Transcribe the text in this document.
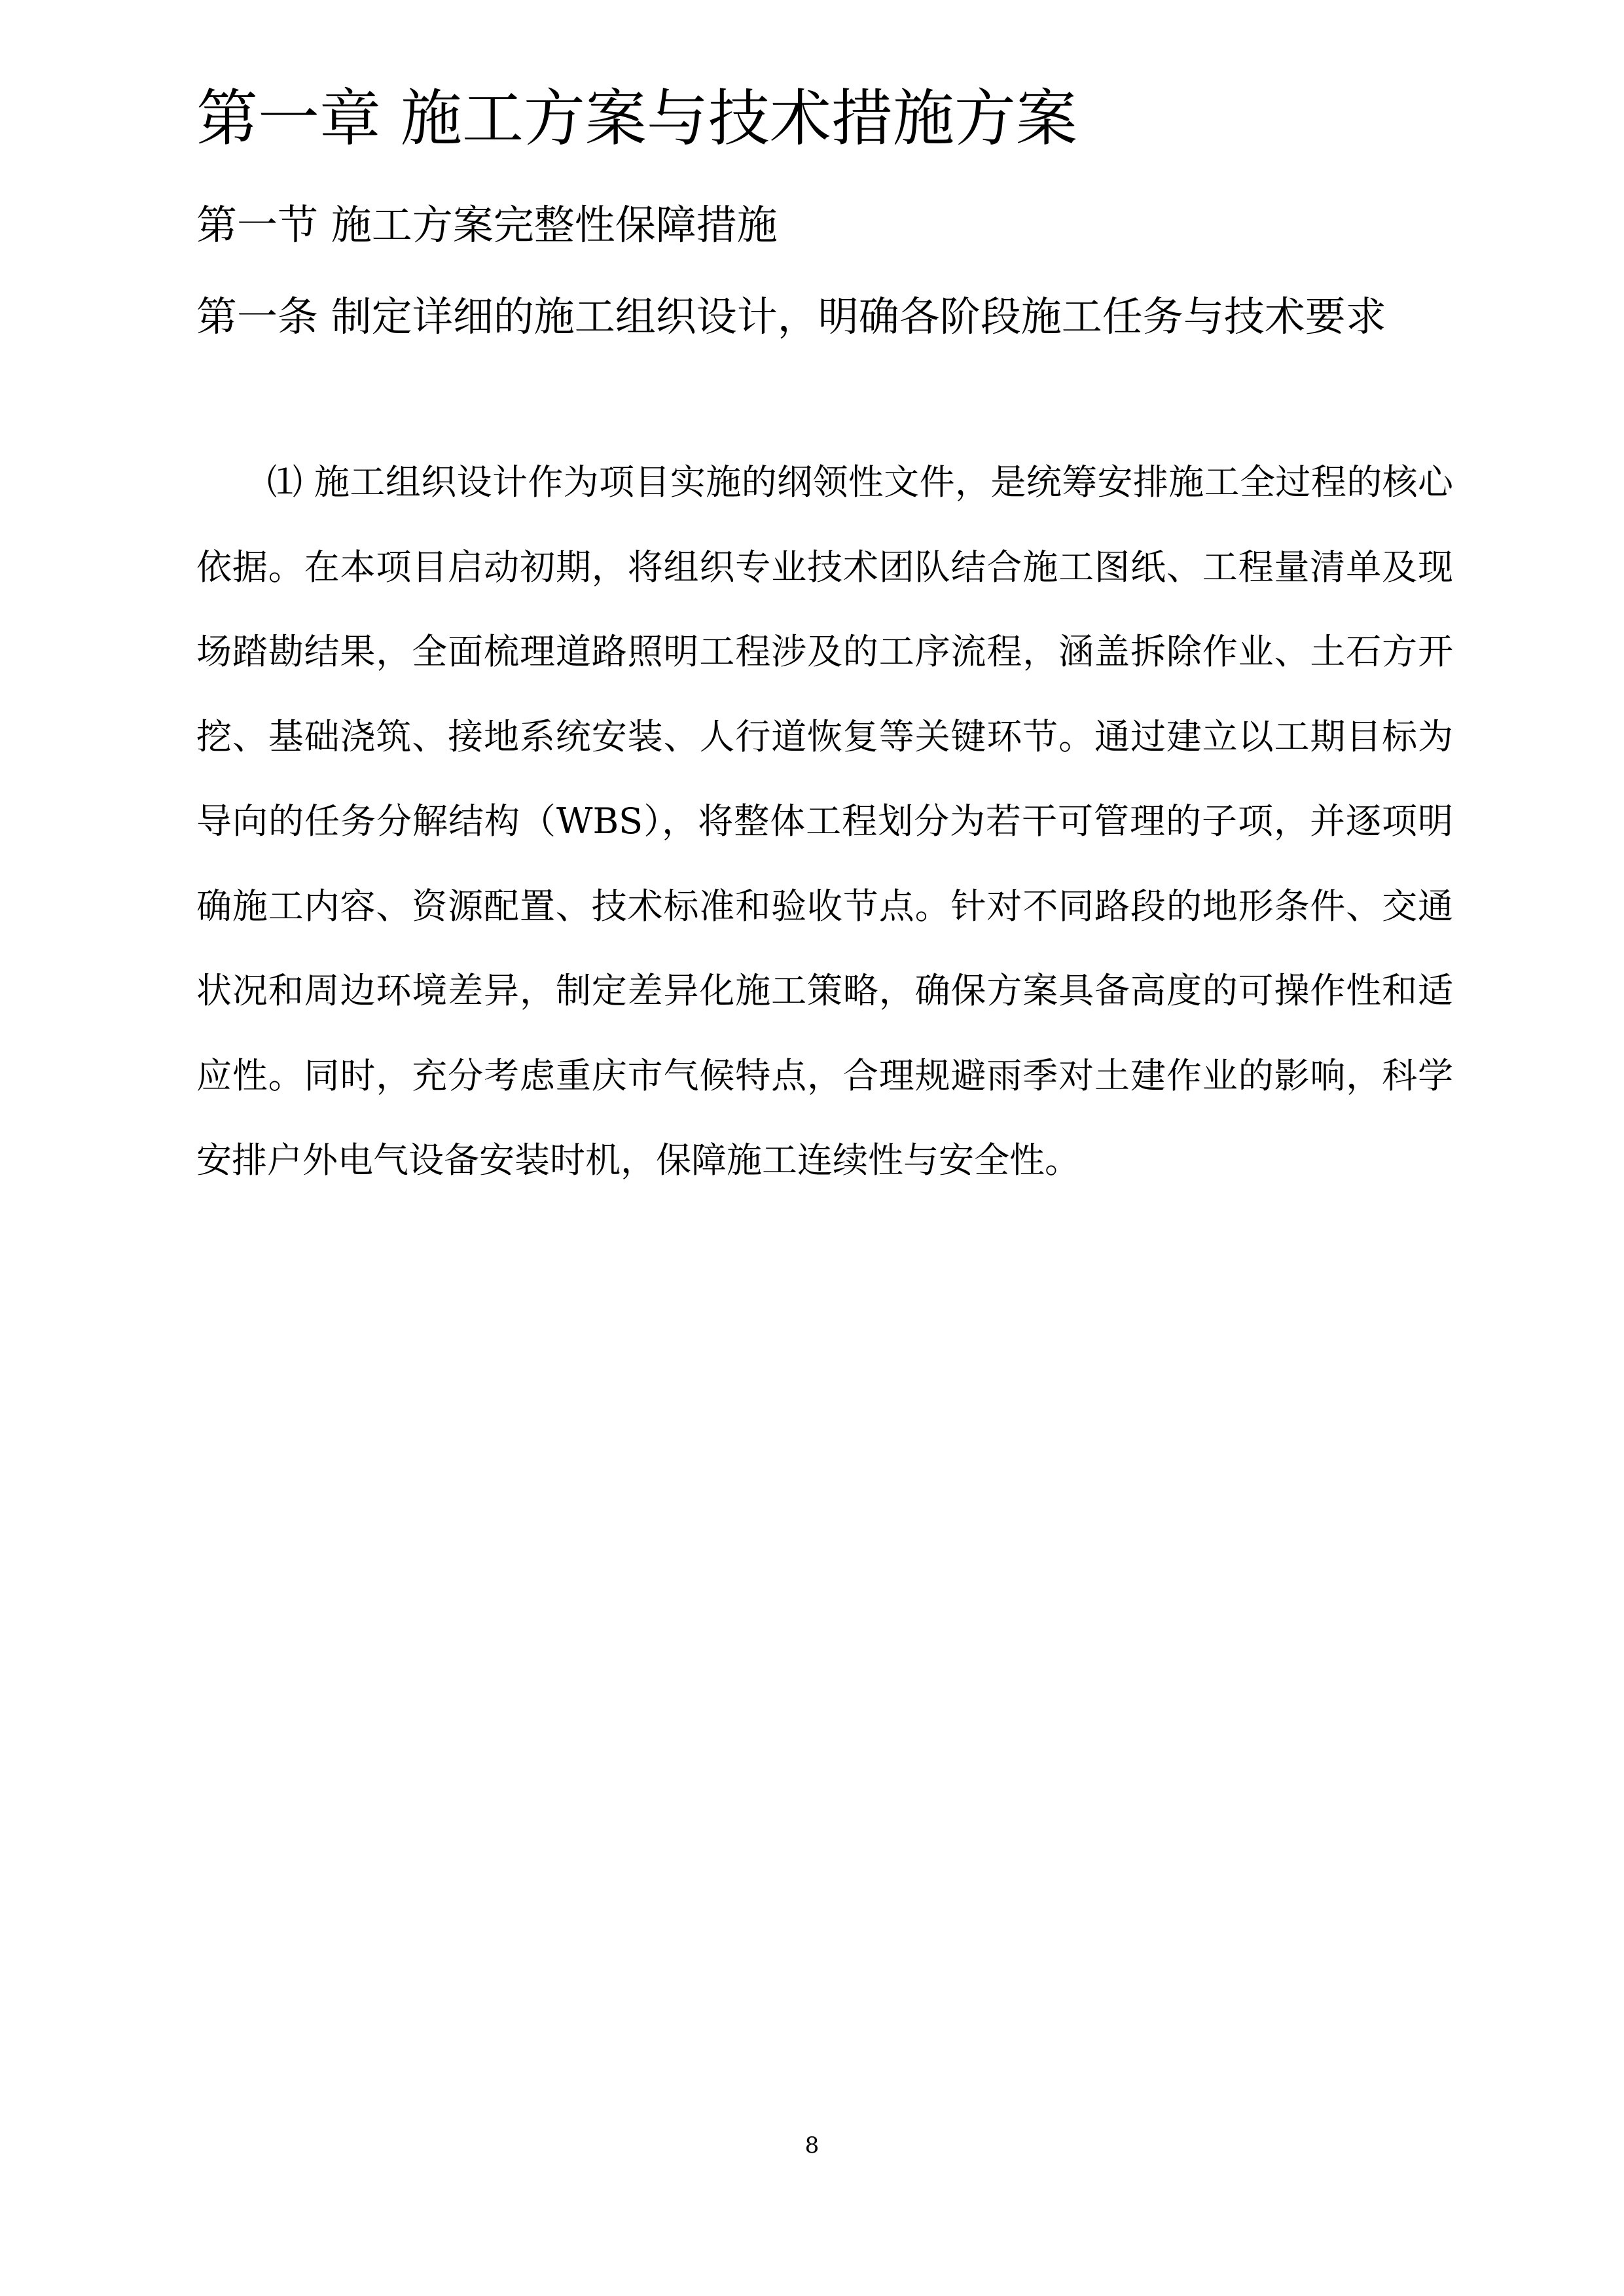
第一章 施工方案与技术措施方案
第一节 施工方案完整性保障措施
第一条 制定详细的施工组织设计，明确各阶段施工任务与技术要求

⑴ 施工组织设计作为项目实施的纲领性文件，是统筹安排施工全过程的核心依据。在本项目启动初期，将组织专业技术团队结合施工图纸、工程量清单及现场踏勘结果，全面梳理道路照明工程涉及的工序流程，涵盖拆除作业、土石方开挖、基础浇筑、接地系统安装、人行道恢复等关键环节。通过建立以工期目标为导向的任务分解结构（WBS），将整体工程划分为若干可管理的子项，并逐项明确施工内容、资源配置、技术标准和验收节点。针对不同路段的地形条件、交通状况和周边环境差异，制定差异化施工策略，确保方案具备高度的可操作性和适应性。同时，充分考虑重庆市气候特点，合理规避雨季对土建作业的影响，科学安排户外电气设备安装时机，保障施工连续性与安全性。

8
